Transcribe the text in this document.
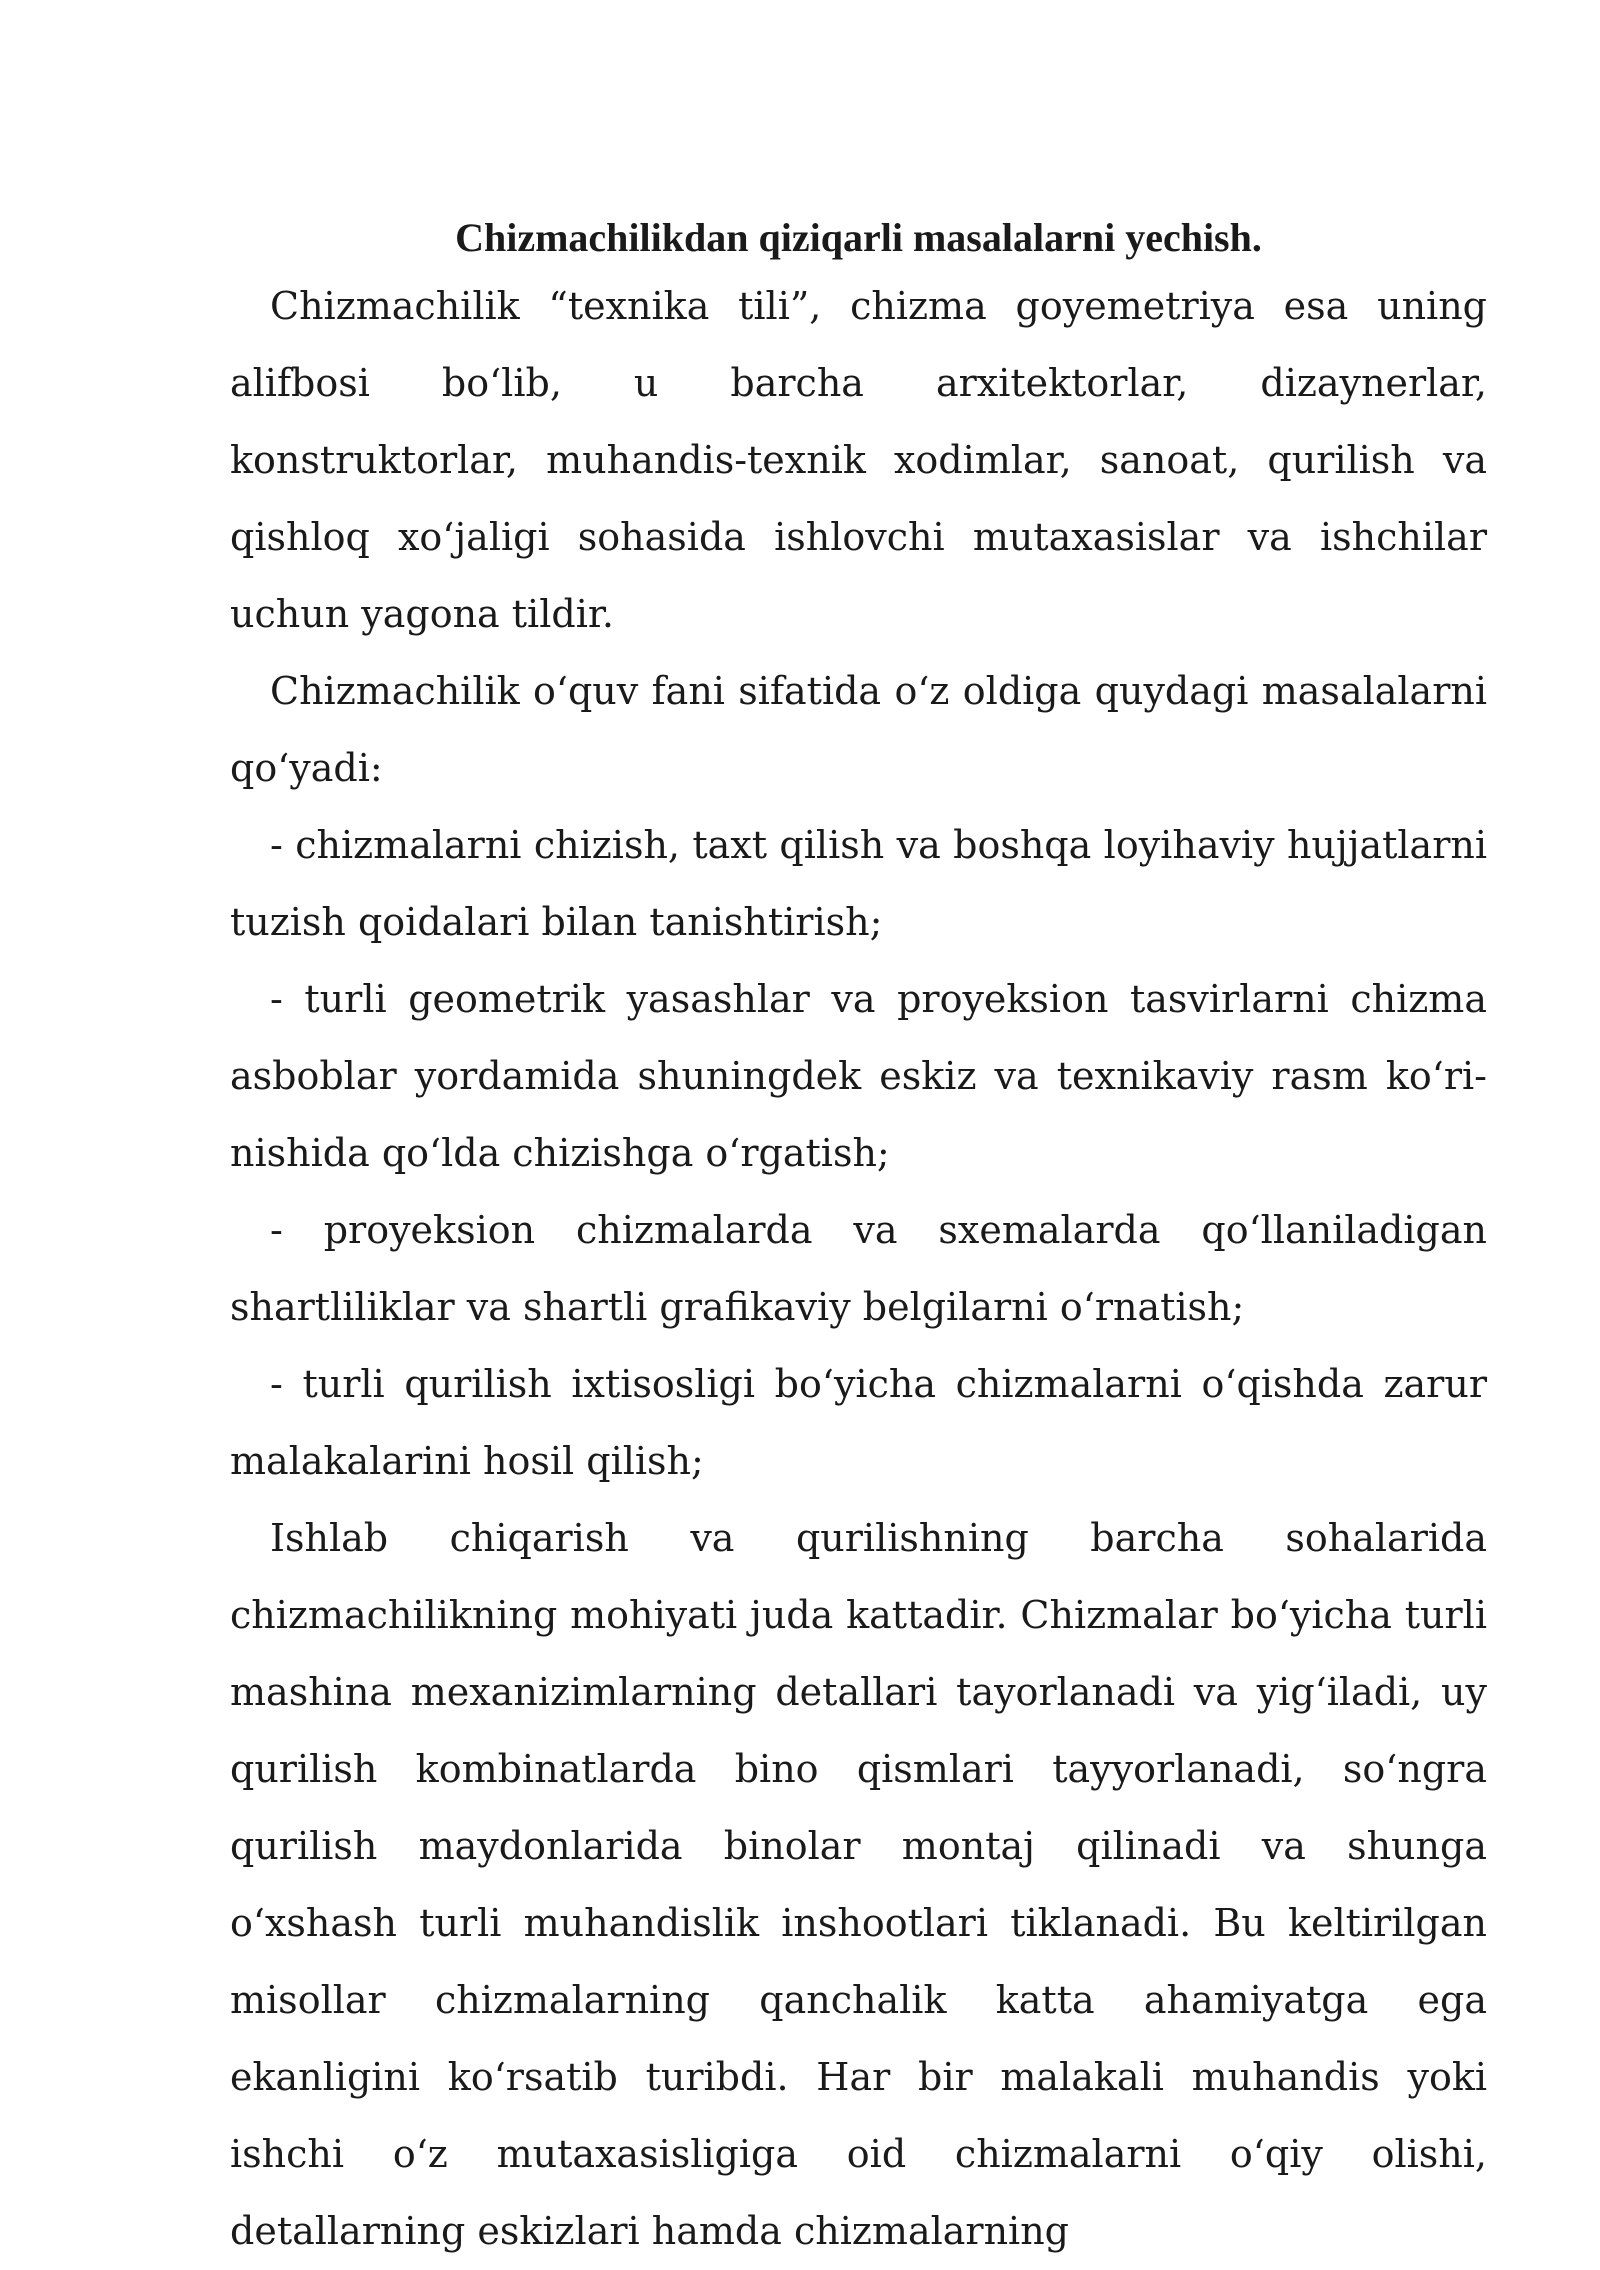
Chizmachilikdan qiziqarli masalalarni yechish.

Chizmachilik “texnika tili”, chizma goyemetriya esa uning alifbosi bo‘lib, u barcha arxitektorlar, dizaynerlar, konstruktorlar, muhandis-texnik xodimlar, sanoat, qurilish va qishloq xo‘jaligi sohasida ishlovchi mutaxasislar va ishchilar uchun yagona tildir.

Chizmachilik o‘quv fani sifatida o‘z oldiga quydagi masalalarni qo‘yadi:

- chizmalarni chizish, taxt qilish va boshqa loyihaviy hujjatlarni tuzish qoidalari bilan tanishtirish;

- turli geometrik yasashlar va proyeksion tasvirlarni chizma asboblar yordamida shuningdek eskiz va texnikaviy rasm ko‘ri-nishida qo‘lda chizishga o‘rgatish;

- proyeksion chizmalarda va sxemalarda qo‘llaniladigan shartliliklar va shartli grafikaviy belgilarni o‘rnatish;

- turli qurilish ixtisosligi bo‘yicha chizmalarni o‘qishda zarur malakalarini hosil qilish;

Ishlab chiqarish va qurilishning barcha sohalarida chizmachilikning mohiyati juda kattadir. Chizmalar bo‘yicha turli mashina mexanizimlarning detallari tayorlanadi va yig‘iladi, uy qurilish kombinatlarda bino qismlari tayyorlanadi, so‘ngra qurilish maydonlarida binolar montaj qilinadi va shunga o‘xshash turli muhandislik inshootlari tiklanadi. Bu keltirilgan misollar chizmalarning qanchalik katta ahamiyatga ega ekanligini ko‘rsatib turibdi. Har bir malakali muhandis yoki ishchi o‘z mutaxasisligiga oid chizmalarni o‘qiy olishi, detallarning eskizlari hamda chizmalarning
